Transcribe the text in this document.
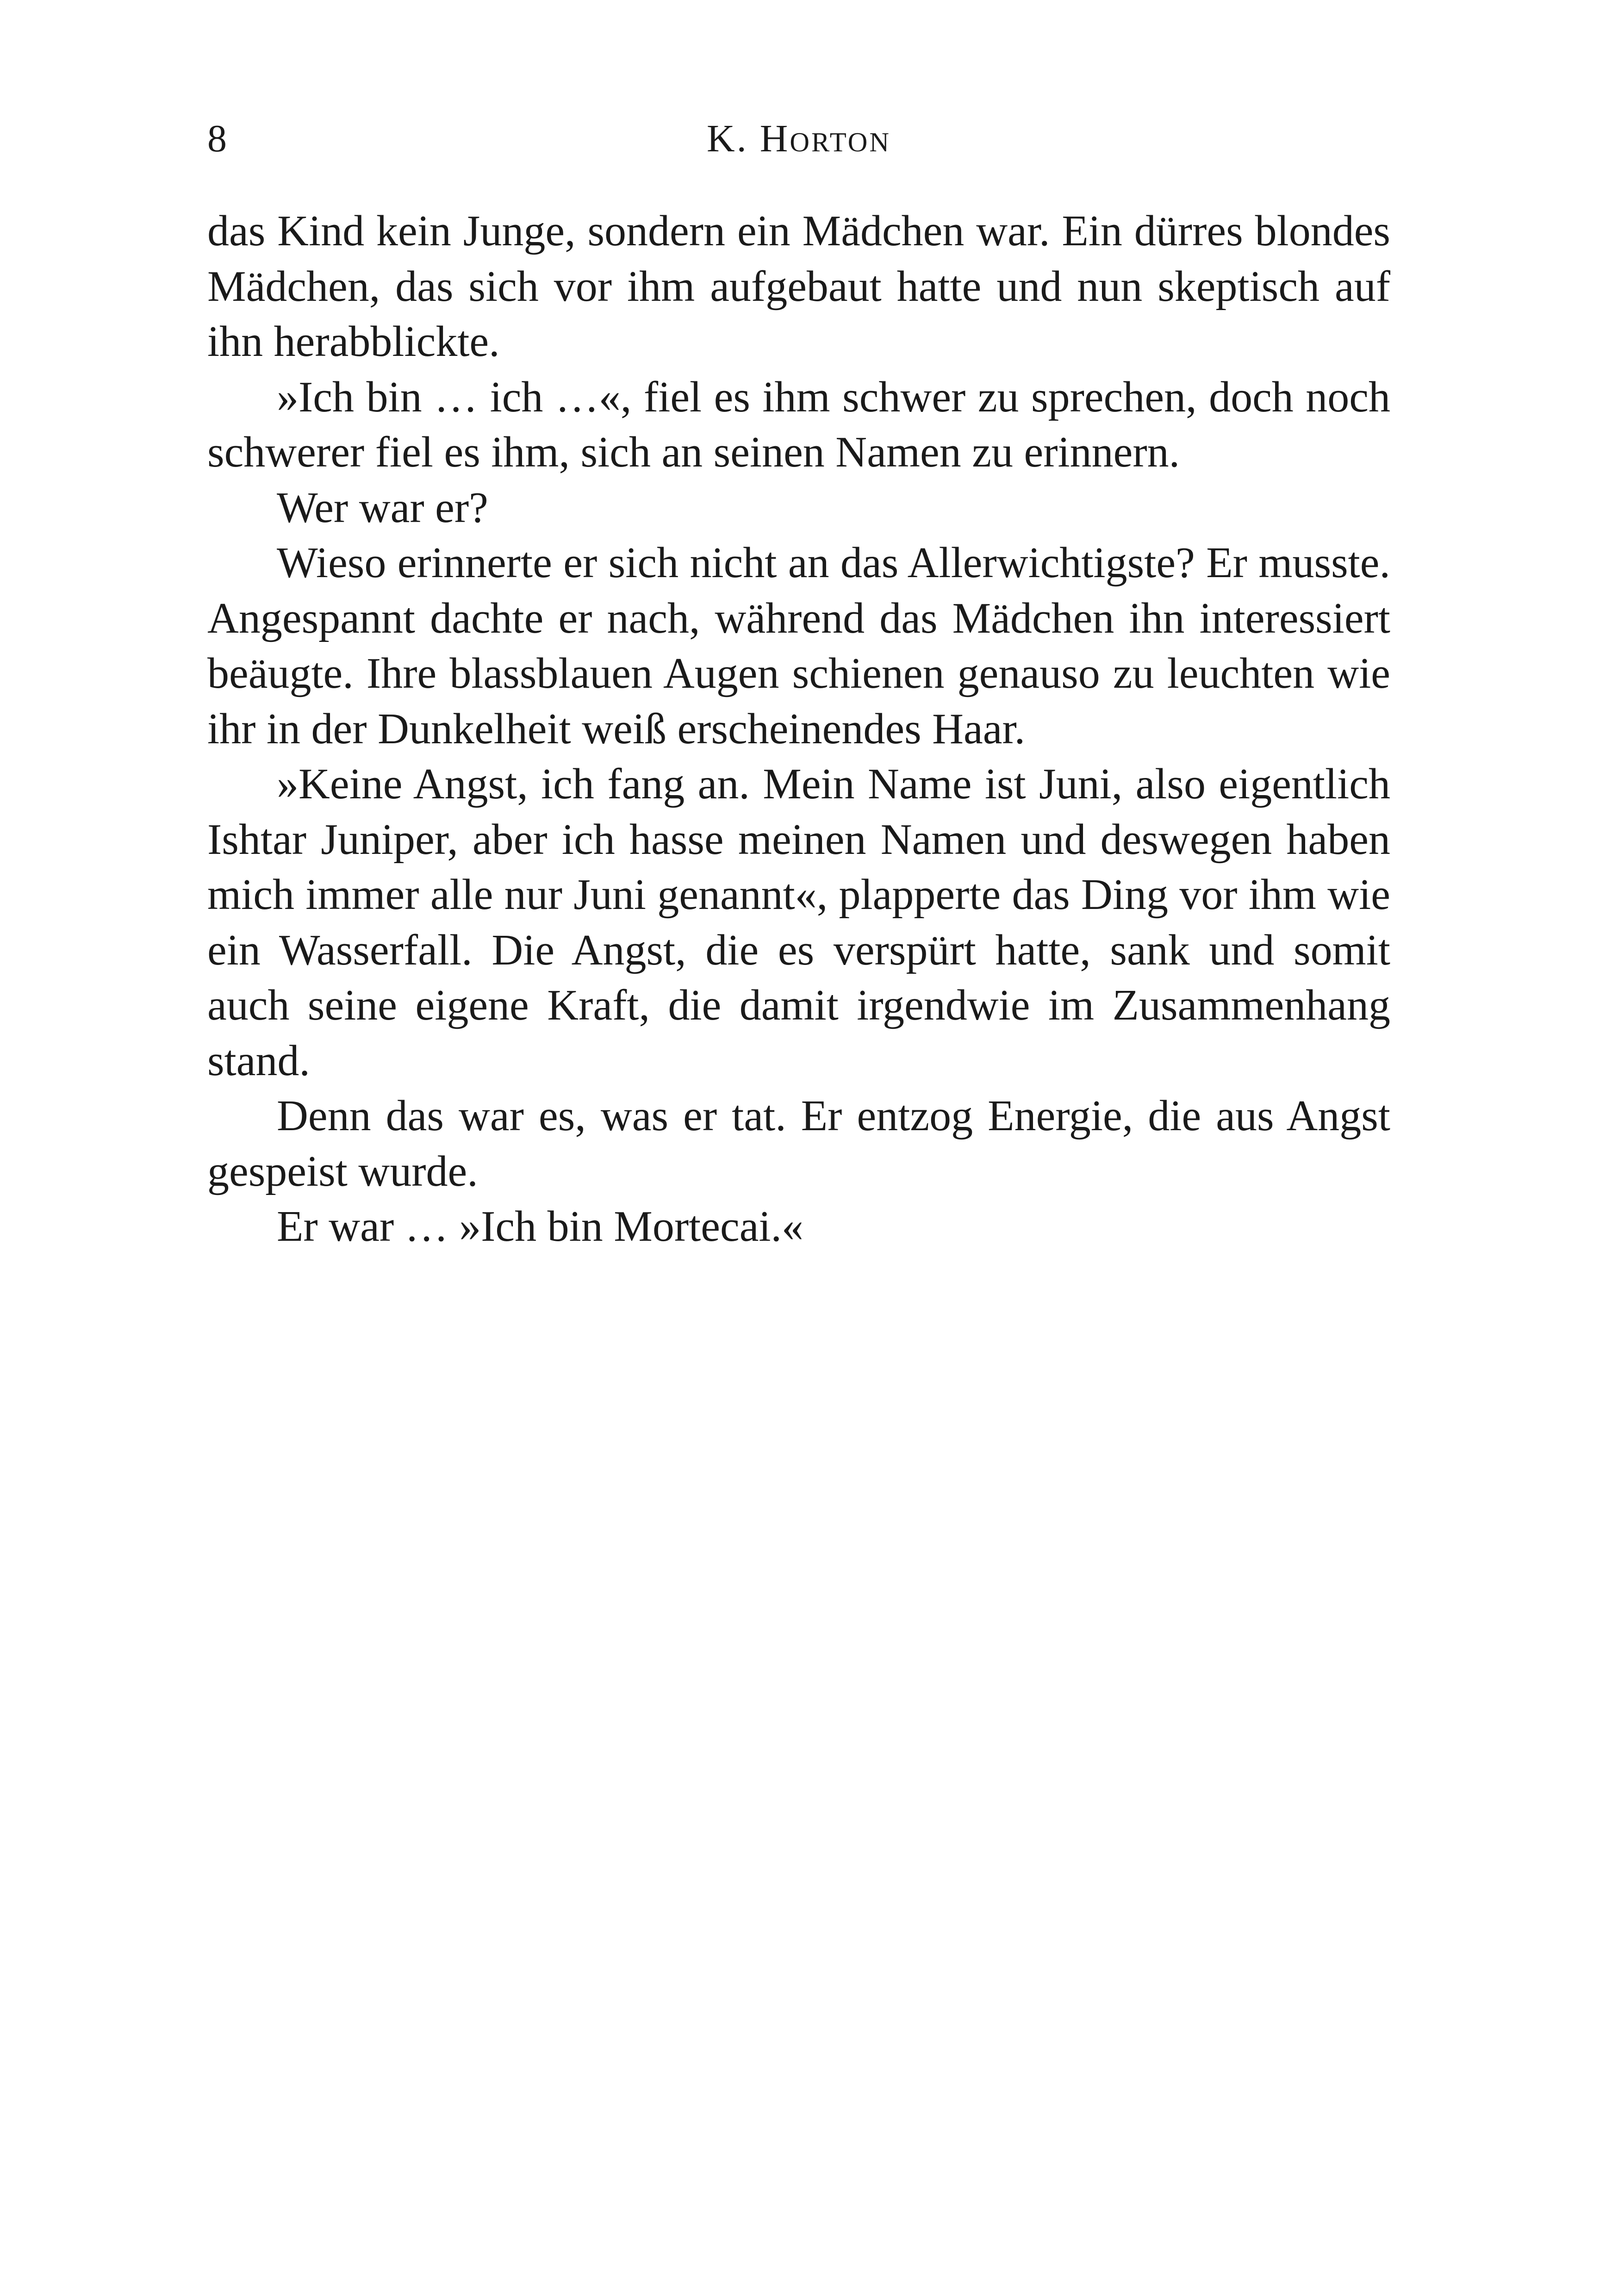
8	K. Horton

das Kind kein Junge, sondern ein Mädchen war. Ein dürres blondes Mädchen, das sich vor ihm aufgebaut hatte und nun skeptisch auf ihn herabblickte.

»Ich bin … ich …«, fiel es ihm schwer zu sprechen, doch noch schwerer fiel es ihm, sich an seinen Namen zu erinnern.

Wer war er?

Wieso erinnerte er sich nicht an das Allerwichtigste? Er musste. Angespannt dachte er nach, während das Mädchen ihn interessiert beäugte. Ihre blassblauen Augen schienen genauso zu leuchten wie ihr in der Dunkelheit weiß erscheinendes Haar.

»Keine Angst, ich fang an. Mein Name ist Juni, also eigentlich Ishtar Juniper, aber ich hasse meinen Namen und deswegen haben mich immer alle nur Juni genannt«, plapperte das Ding vor ihm wie ein Wasserfall. Die Angst, die es verspürt hatte, sank und somit auch seine eigene Kraft, die damit irgendwie im Zusammenhang stand.

Denn das war es, was er tat. Er entzog Energie, die aus Angst gespeist wurde.

Er war … »Ich bin Mortecai.«
